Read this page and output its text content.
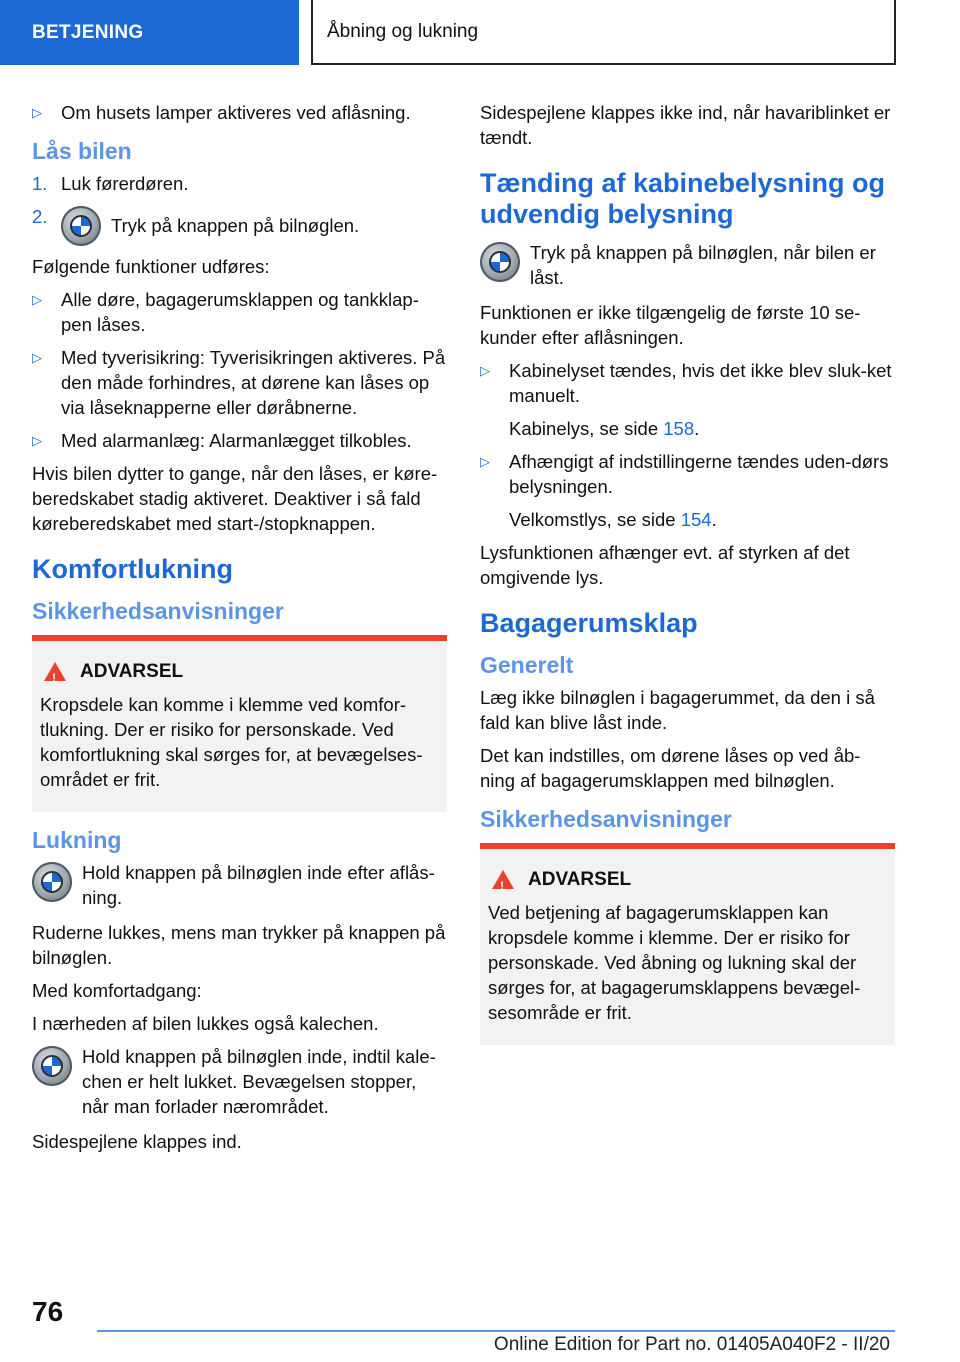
BETJENING	Åbning og lukning
▷	Om husets lamper aktiveres ved aflåsning.
Lås bilen
1. Luk førerdøren.
2.	Tryk på knappen på bilnøglen.

Følgende funktioner udføres:

▷	Alle døre, bagagerumsklappen og tankklap-pen låses.
▷	Med tyverisikring: Tyverisikringen aktiveres. På den måde forhindres, at dørene kan låses op via låseknapperne eller døråbnerne.
▷	Med alarmanlæg: Alarmanlægget tilkobles.

Hvis bilen dytter to gange, når den låses, er køre-beredskabet stadig aktiveret. Deaktiver i så fald køreberedskabet med start-/stopknappen.

Komfortlukning
Sikkerhedsanvisninger
!
ADVARSEL
Kropsdele kan komme i klemme ved komfor-tlukning. Der er risiko for personskade. Ved komfortlukning skal sørges for, at bevægelses-området er frit.
Lukning
Hold knappen på bilnøglen inde efter aflås-ning.

Ruderne lukkes, mens man trykker på knappen på bilnøglen.

Med komfortadgang:

I nærheden af bilen lukkes også kalechen.

Hold knappen på bilnøglen inde, indtil kale-chen er helt lukket. Bevægelsen stopper, når man forlader nærområdet.

Sidespejlene klappes ind.

Sidespejlene klappes ikke ind, når havariblinket er tændt.

Tænding af kabinebelysning og udvendig belysning
Tryk på knappen på bilnøglen, når bilen er låst.

Funktionen er ikke tilgængelig de første 10 se-kunder efter aflåsningen.

▷	Kabinelyset tændes, hvis det ikke blev sluk-ket manuelt.
Kabinelys, se side 158.
▷	Afhængigt af indstillingerne tændes uden-dørs belysningen.
Velkomstlys, se side 154.

Lysfunktionen afhænger evt. af styrken af det omgivende lys.

Bagagerumsklap
Generelt

Læg ikke bilnøglen i bagagerummet, da den i så fald kan blive låst inde.

Det kan indstilles, om dørene låses op ved åb-ning af bagagerumsklappen med bilnøglen.

Sikkerhedsanvisninger
!
ADVARSEL
Ved betjening af bagagerumsklappen kan kropsdele komme i klemme. Der er risiko for personskade. Ved åbning og lukning skal der sørges for, at bagagerumsklappens bevægel-sesområde er frit.
76
Online Edition for Part no. 01405A040F2 - II/20
